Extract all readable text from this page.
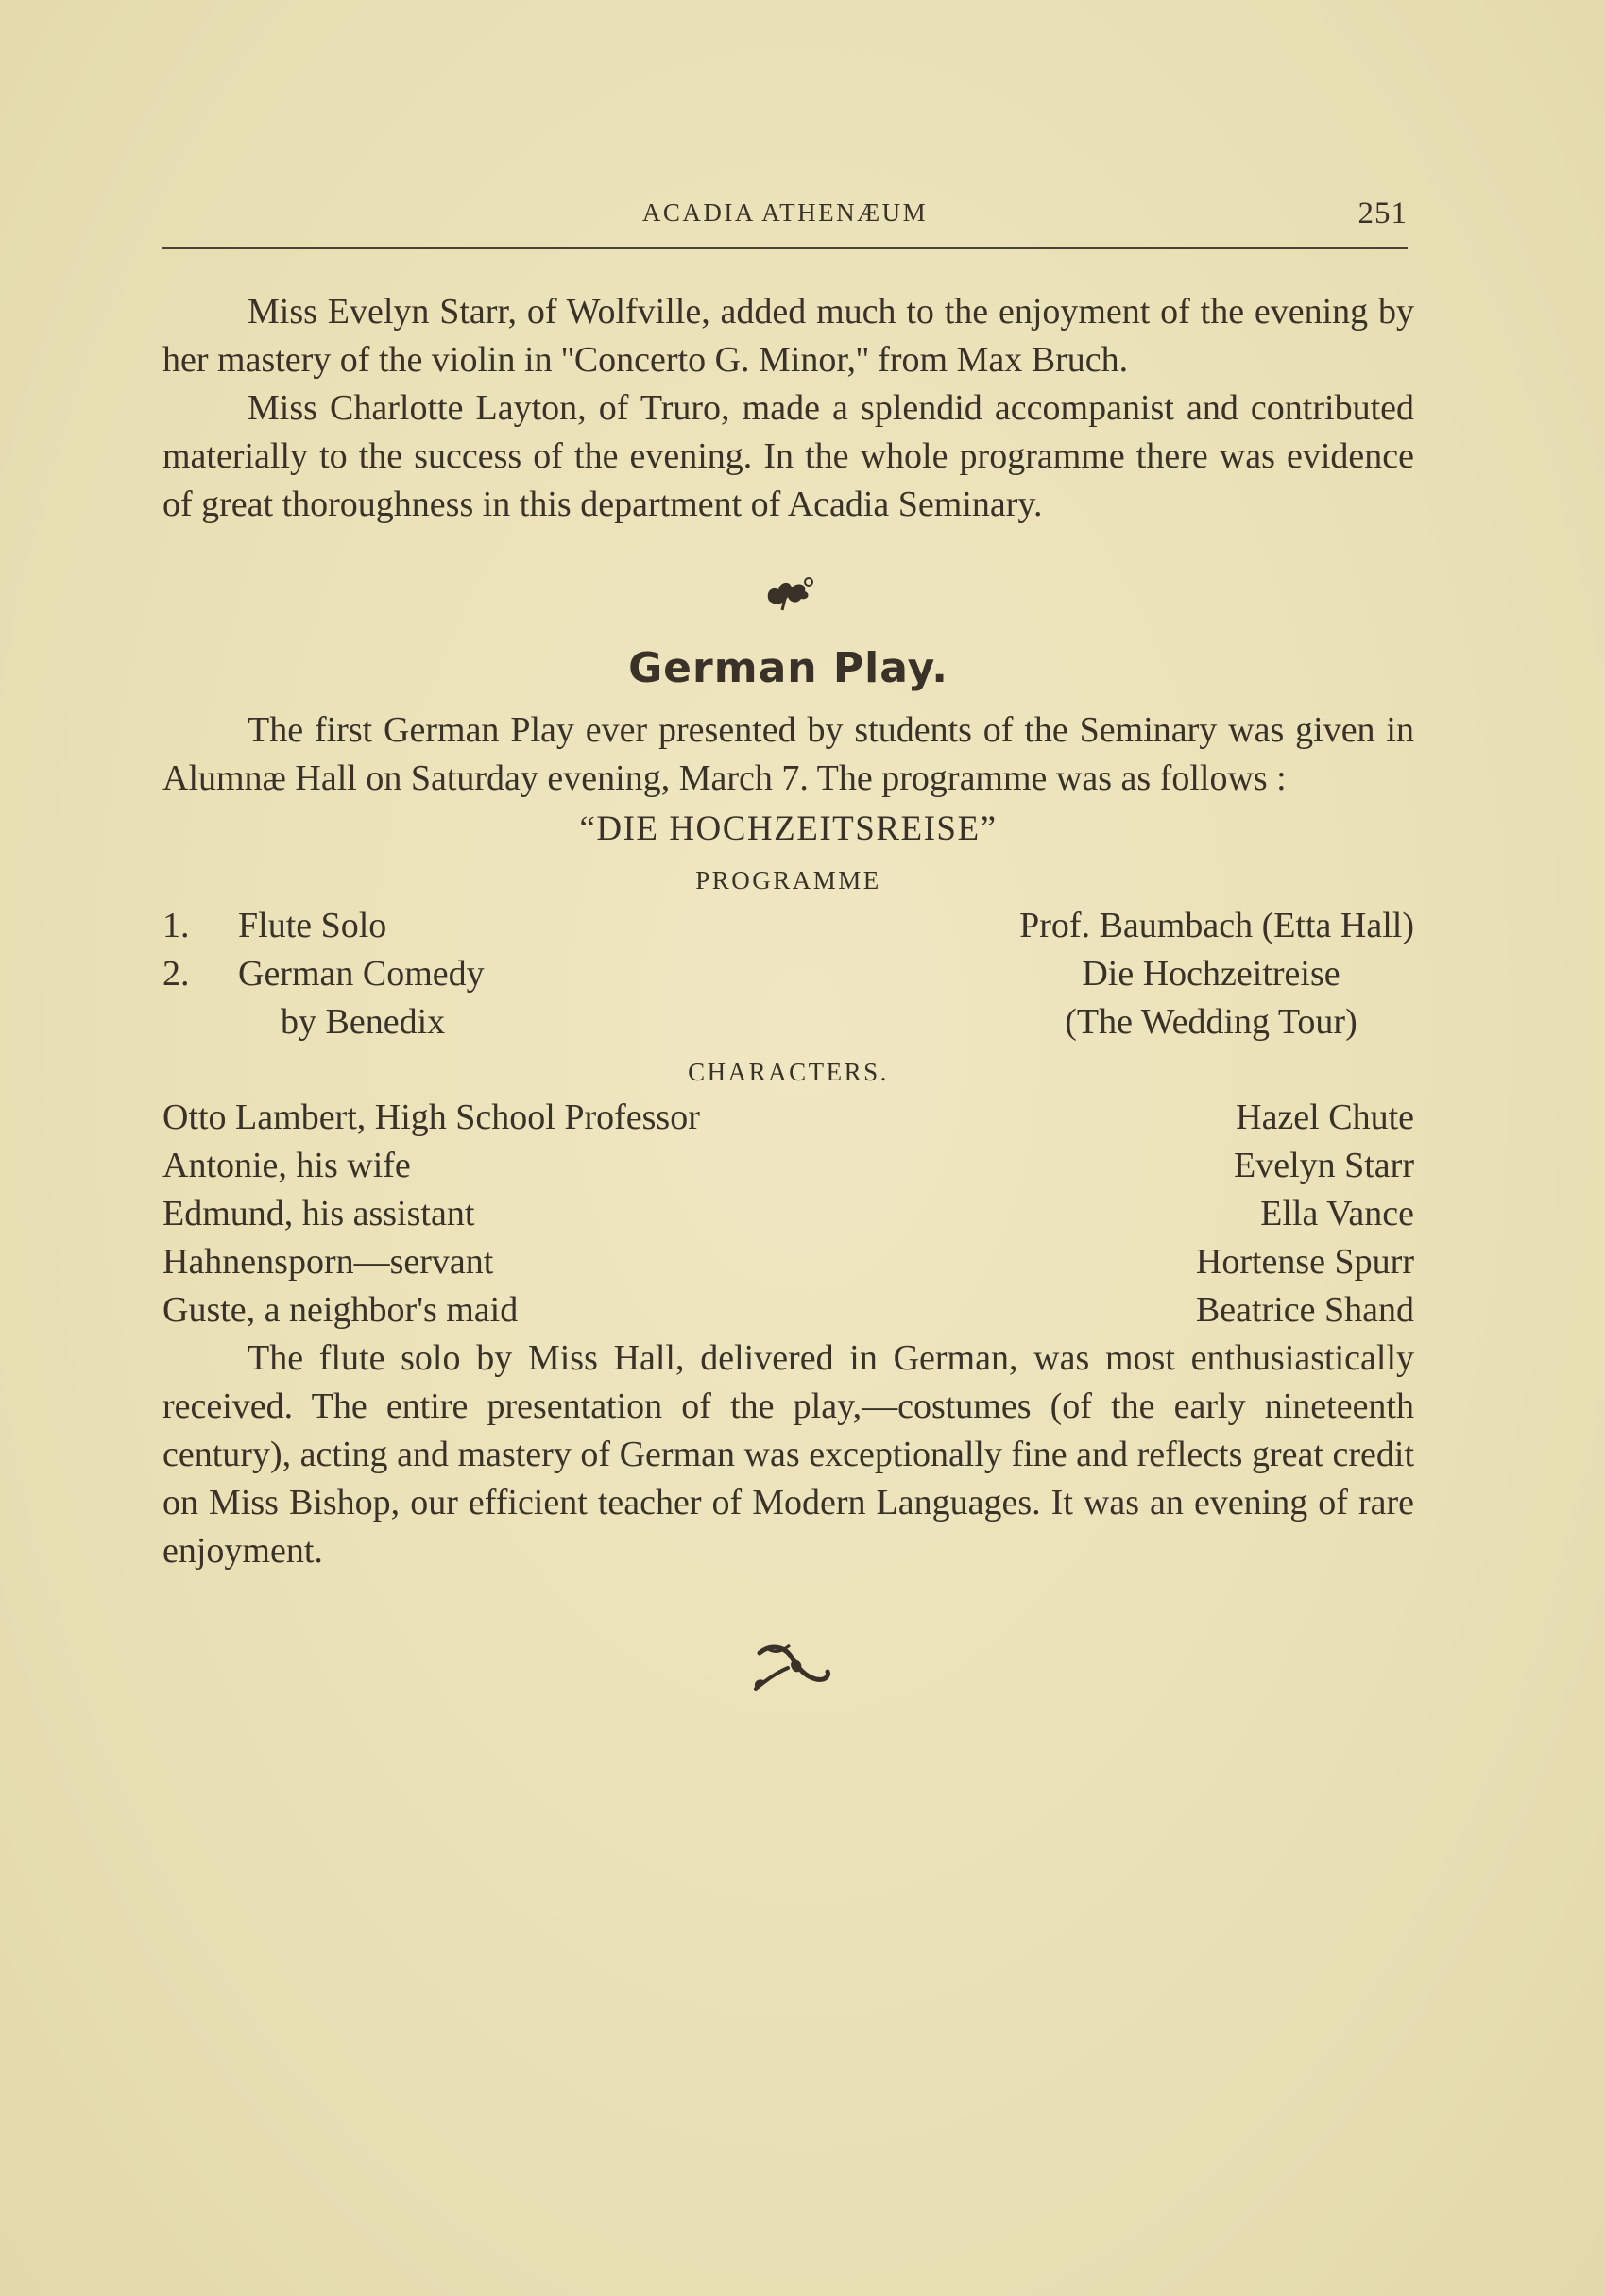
ACADIA ATHENÆUM	251

Miss Evelyn Starr, of Wolfville, added much to the enjoyment of the evening by her mastery of the violin in ''Concerto G. Minor,'' from Max Bruch.

Miss Charlotte Layton, of Truro, made a splendid accompanist and contributed materially to the success of the evening. In the whole programme there was evidence of great thoroughness in this department of Acadia Seminary.

German Play.

The first German Play ever presented by students of the Seminary was given in Alumnæ Hall on Saturday evening, March 7. The programme was as follows :

“DIE HOCHZEITSREISE”
PROGRAMME
1. Flute Solo	Prof. Baumbach (Etta Hall)
2. German Comedy	Die Hochzeitreise
by Benedix	(The Wedding Tour)
CHARACTERS.
Otto Lambert, High School Professor	Hazel Chute
Antonie, his wife	Evelyn Starr
Edmund, his assistant	Ella Vance
Hahnensporn—servant	Hortense Spurr
Guste, a neighbor's maid	Beatrice Shand

The flute solo by Miss Hall, delivered in German, was most enthusiastically received. The entire presentation of the play,—costumes (of the early nineteenth century), acting and mastery of German was exceptionally fine and reflects great credit on Miss Bishop, our efficient teacher of Modern Languages. It was an evening of rare enjoyment.
